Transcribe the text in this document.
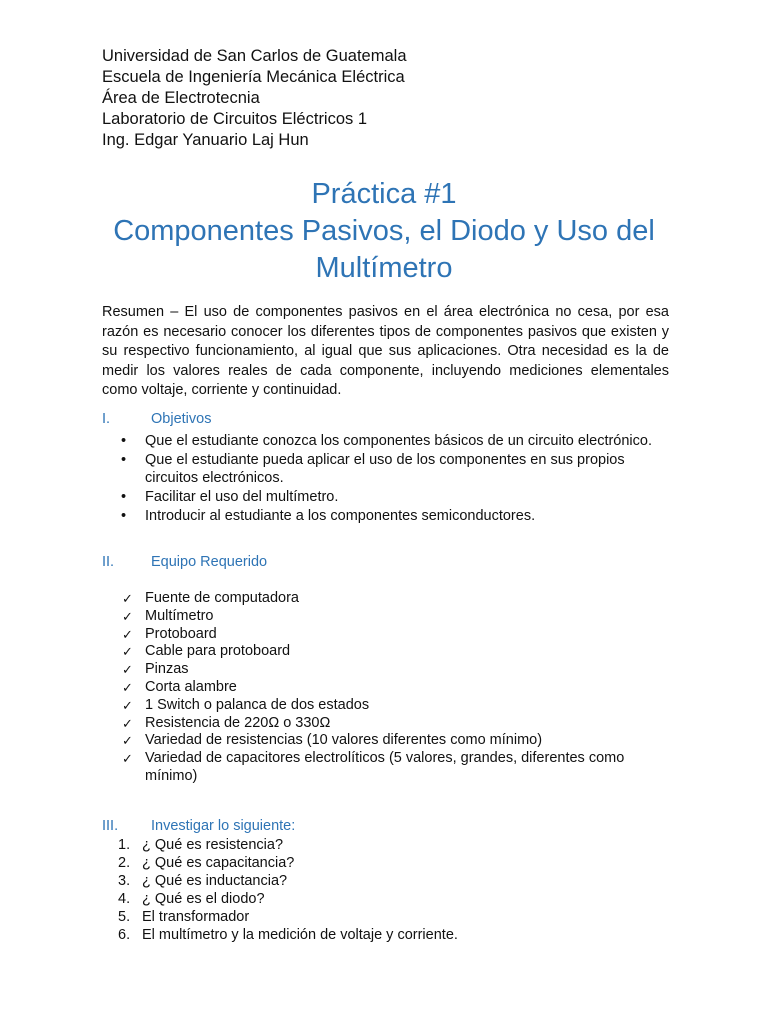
Universidad de San Carlos de Guatemala
Escuela de Ingeniería Mecánica Eléctrica
Área de Electrotecnia
Laboratorio de Circuitos Eléctricos 1
Ing. Edgar Yanuario Laj Hun
Práctica #1
Componentes Pasivos, el Diodo y Uso del
Multímetro
Resumen – El uso de componentes pasivos en el área electrónica no cesa, por esa razón es necesario conocer los diferentes tipos de componentes pasivos que existen y su respectivo funcionamiento, al igual que sus aplicaciones. Otra necesidad es la de medir los valores reales de cada componente, incluyendo mediciones elementales como voltaje, corriente y continuidad.
I.	Objetivos
• Que el estudiante conozca los componentes básicos de un circuito electrónico.
• Que el estudiante pueda aplicar el uso de los componentes en sus propios circuitos electrónicos.
• Facilitar el uso del multímetro.
• Introducir al estudiante a los componentes semiconductores.
II.	Equipo Requerido
✓ Fuente de computadora
✓ Multímetro
✓ Protoboard
✓ Cable para protoboard
✓ Pinzas
✓ Corta alambre
✓ 1 Switch o palanca de dos estados
✓ Resistencia de 220Ω o 330Ω
✓ Variedad de resistencias (10 valores diferentes como mínimo)
✓ Variedad de capacitores electrolíticos (5 valores, grandes, diferentes como mínimo)
III. Investigar lo siguiente:
1. ¿ Qué es resistencia?
2. ¿ Qué es capacitancia?
3. ¿ Qué es inductancia?
4. ¿ Qué es el diodo?
5. El transformador
6. El multímetro y la medición de voltaje y corriente.
